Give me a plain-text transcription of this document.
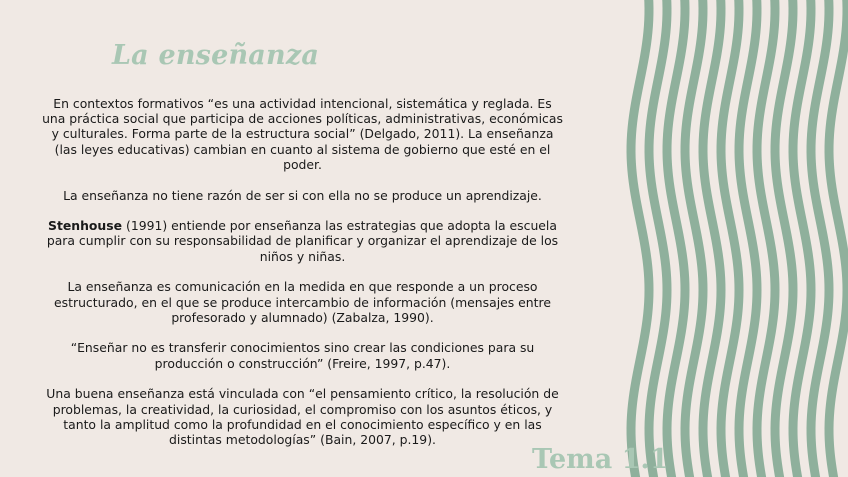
La enseñanza

En contextos formativos “es una actividad intencional, sistemática y reglada. Es una práctica social que participa de acciones políticas, administrativas, económicas y culturales. Forma parte de la estructura social” (Delgado, 2011). La enseñanza (las leyes educativas) cambian en cuanto al sistema de gobierno que esté en el poder.

La enseñanza no tiene razón de ser si con ella no se produce un aprendizaje.

Stenhouse (1991) entiende por enseñanza las estrategias que adopta la escuela para cumplir con su responsabilidad de planificar y organizar el aprendizaje de los niños y niñas.

La enseñanza es comunicación en la medida en que responde a un proceso estructurado, en el que se produce intercambio de información (mensajes entre profesorado y alumnado) (Zabalza, 1990).

“Enseñar no es transferir conocimientos sino crear las condiciones para su producción o construcción” (Freire, 1997, p.47).

Una buena enseñanza está vinculada con “el pensamiento crítico, la resolución de problemas, la creatividad, la curiosidad, el compromiso con los asuntos éticos, y tanto la amplitud como la profundidad en el conocimiento específico y en las distintas metodologías” (Bain, 2007, p.19).

Tema 1.1
